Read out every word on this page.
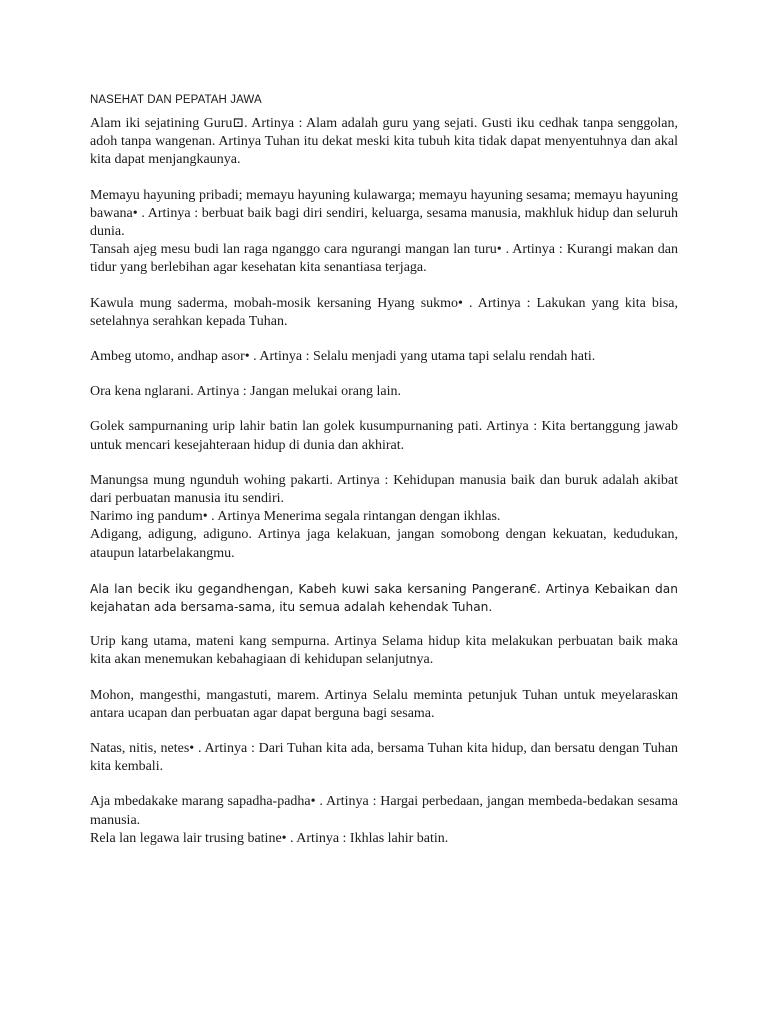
NASEHAT DAN PEPATAH JAWA
Alam iki sejatining Guru⊡. Artinya : Alam adalah guru yang sejati. Gusti iku cedhak tanpa senggolan, adoh tanpa wangenan. Artinya Tuhan itu dekat meski kita tubuh kita tidak dapat menyentuhnya dan akal kita dapat menjangkaunya.
Memayu hayuning pribadi; memayu hayuning kulawarga; memayu hayuning sesama; memayu hayuning bawana• . Artinya : berbuat baik bagi diri sendiri, keluarga, sesama manusia, makhluk hidup dan seluruh dunia.
Tansah ajeg mesu budi lan raga nganggo cara ngurangi mangan lan turu• . Artinya : Kurangi makan dan tidur yang berlebihan agar kesehatan kita senantiasa terjaga.
Kawula mung saderma, mobah-mosik kersaning Hyang sukmo• . Artinya : Lakukan yang kita bisa, setelahnya serahkan kepada Tuhan.
Ambeg utomo, andhap asor• . Artinya : Selalu menjadi yang utama tapi selalu rendah hati.
Ora kena nglarani. Artinya : Jangan melukai orang lain.
Golek sampurnaning urip lahir batin lan golek kusumpurnaning pati. Artinya : Kita bertanggung jawab untuk mencari kesejahteraan hidup di dunia dan akhirat.
Manungsa mung ngunduh wohing pakarti. Artinya : Kehidupan manusia baik dan buruk adalah akibat dari perbuatan manusia itu sendiri.
Narimo ing pandum• . Artinya Menerima segala rintangan dengan ikhlas.
Adigang, adigung, adiguno. Artinya jaga kelakuan, jangan somobong dengan kekuatan, kedudukan, ataupun latarbelakangmu.
Ala lan becik iku gegandhengan, Kabeh kuwi saka kersaning Pangeran€. Artinya Kebaikan dan kejahatan ada bersama-sama, itu semua adalah kehendak Tuhan.
Urip kang utama, mateni kang sempurna. Artinya Selama hidup kita melakukan perbuatan baik maka kita akan menemukan kebahagiaan di kehidupan selanjutnya.
Mohon, mangesthi, mangastuti, marem. Artinya Selalu meminta petunjuk Tuhan untuk meyelaraskan antara ucapan dan perbuatan agar dapat berguna bagi sesama.
Natas, nitis, netes• . Artinya : Dari Tuhan kita ada, bersama Tuhan kita hidup, dan bersatu dengan Tuhan kita kembali.
Aja mbedakake marang sapadha-padha• . Artinya : Hargai perbedaan, jangan membeda-bedakan sesama manusia.
Rela lan legawa lair trusing batine• . Artinya : Ikhlas lahir batin.
